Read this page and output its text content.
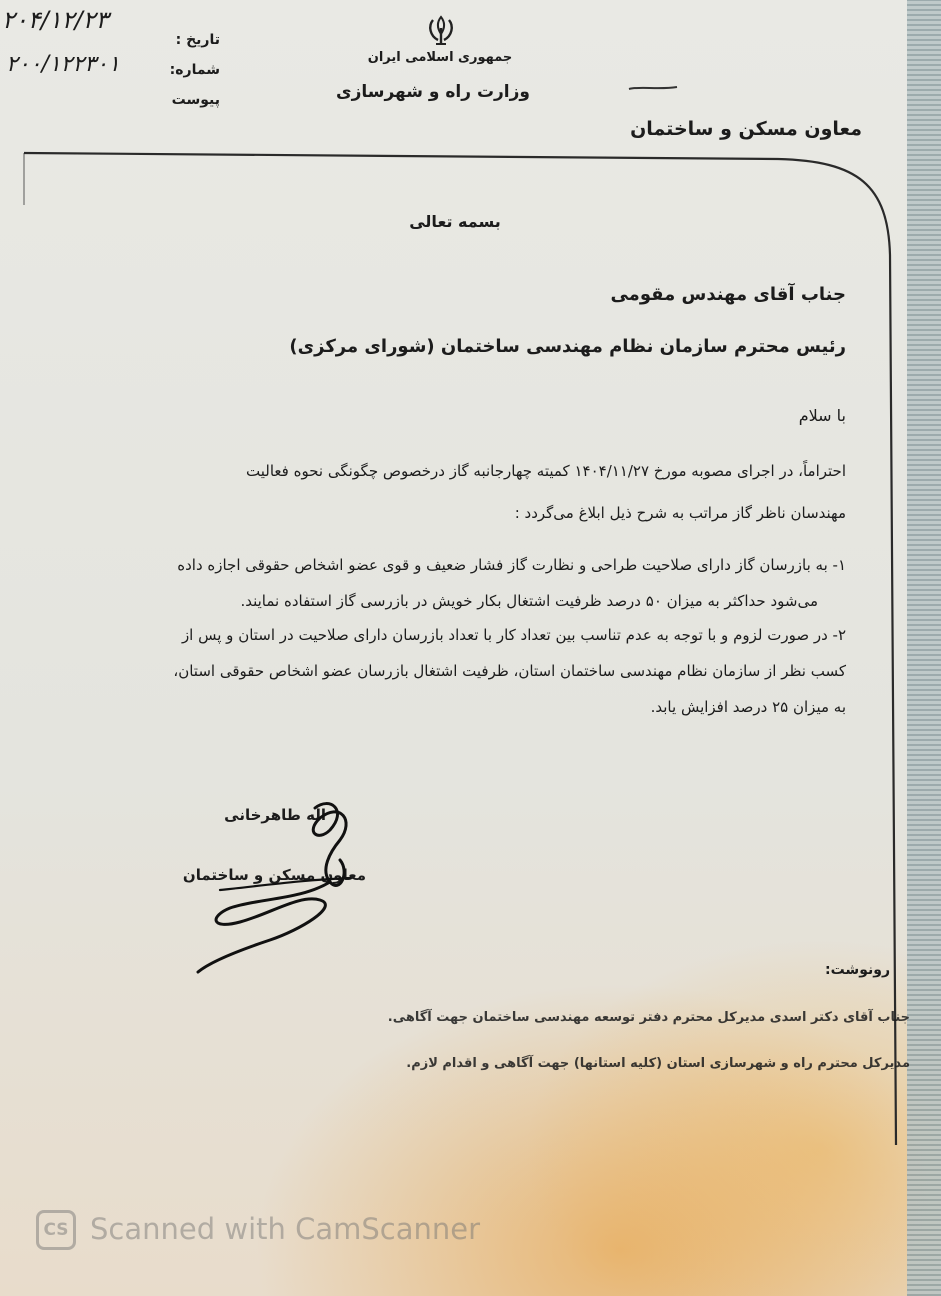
جمهوری اسلامی ایران
وزارت راه و شهرسازی
تاریخ :
شماره:
پیوست
۲۰۴/۱۲/۲۳
۲۰۰/۱۲۲۳۰۱
معاون مسکن و ساختمان
بسمه تعالی
جناب آقای مهندس مقومی
رئیس محترم سازمان نظام مهندسی ساختمان (شورای مرکزی)
با سلام
احتراماً، در اجرای مصوبه مورخ ۱۴۰۴/۱۱/۲۷ کمیته چهارجانبه گاز درخصوص چگونگی نحوه فعالیت
مهندسان ناظر گاز مراتب به شرح ذیل ابلاغ می‌گردد :
۱- به بازرسان گاز دارای صلاحیت طراحی و نظارت گاز فشار ضعیف و قوی عضو اشخاص حقوقی اجازه داده
می‌شود حداکثر به میزان ۵۰ درصد ظرفیت اشتغال بکار خویش در بازرسی گاز استفاده نمایند.
۲- در صورت لزوم و با توجه به عدم تناسب بین تعداد کار با تعداد بازرسان دارای صلاحیت در استان و پس از
کسب نظر از سازمان نظام مهندسی ساختمان استان، ظرفیت اشتغال بازرسان عضو اشخاص حقوقی استان،
به میزان ۲۵ درصد افزایش یابد.
اله طاهرخانی
معاون مسکن و ساختمان
رونوشت:
جناب آقای دکتر اسدی مدیرکل محترم دفتر توسعه مهندسی ساختمان جهت آگاهی.
مدیرکل محترم راه و شهرسازی استان (کلیه استانها) جهت آگاهی و اقدام لازم.
CS Scanned with CamScanner
